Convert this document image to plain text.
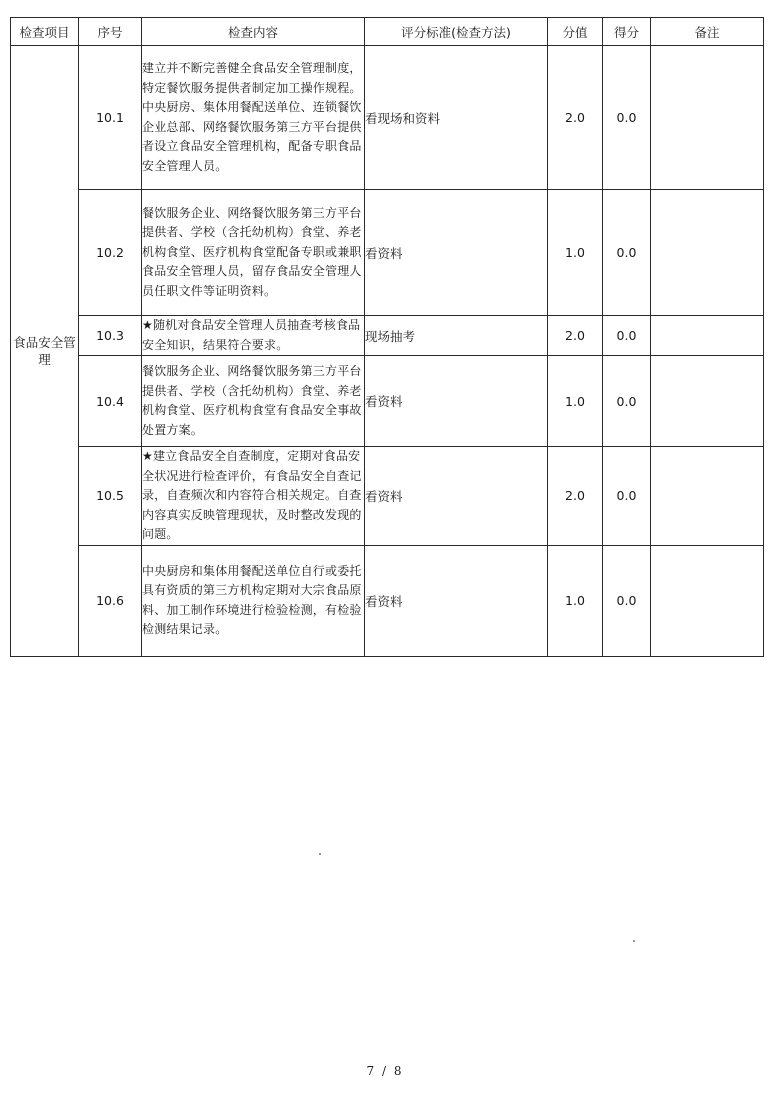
检查项目	序号	检查内容	评分标准(检查方法)	分值	得分	备注
食品安全管理	10.1	建立并不断完善健全食品安全管理制度，特定餐饮服务提供者制定加工操作规程。中央厨房、集体用餐配送单位、连锁餐饮企业总部、网络餐饮服务第三方平台提供者设立食品安全管理机构，配备专职食品安全管理人员。	看现场和资料	2.0	0.0	
	10.2	餐饮服务企业、网络餐饮服务第三方平台提供者、学校（含托幼机构）食堂、养老机构食堂、医疗机构食堂配备专职或兼职食品安全管理人员，留存食品安全管理人员任职文件等证明资料。	看资料	1.0	0.0	
	10.3	★随机对食品安全管理人员抽查考核食品安全知识，结果符合要求。	现场抽考	2.0	0.0	
	10.4	餐饮服务企业、网络餐饮服务第三方平台提供者、学校（含托幼机构）食堂、养老机构食堂、医疗机构食堂有食品安全事故处置方案。	看资料	1.0	0.0	
	10.5	★建立食品安全自查制度，定期对食品安全状况进行检查评价，有食品安全自查记录，自查频次和内容符合相关规定。自查内容真实反映管理现状，及时整改发现的问题。	看资料	2.0	0.0	
	10.6	中央厨房和集体用餐配送单位自行或委托具有资质的第三方机构定期对大宗食品原料、加工制作环境进行检验检测，有检验检测结果记录。	看资料	1.0	0.0	
7 / 8
